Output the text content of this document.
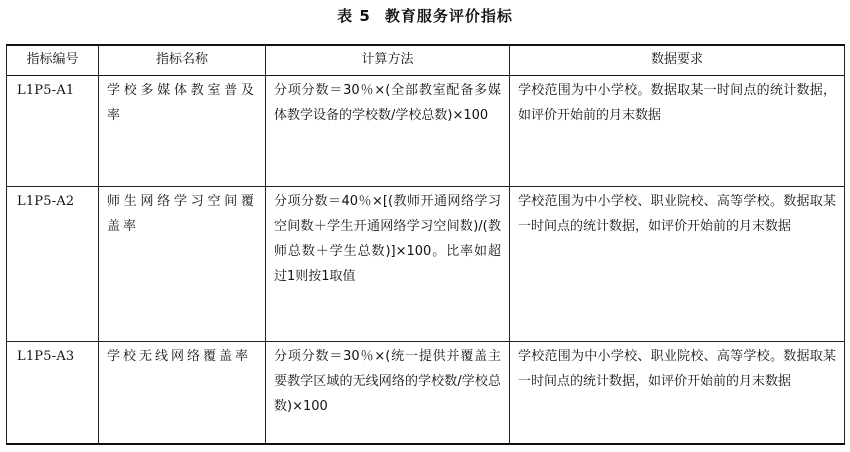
表 5 教育服务评价指标
指标编号	指标名称	计算方法	数据要求
L1P5-A1	学校多媒体教室普及率	分项分数＝30％×(全部教室配备多媒体教学设备的学校数/学校总数)×100	学校范围为中小学校。数据取某一时间点的统计数据，如评价开始前的月末数据
L1P5-A2	师生网络学习空间覆盖率	分项分数＝40％×[(教师开通网络学习空间数＋学生开通网络学习空间数)/(教师总数＋学生总数)]×100。比率如超过1则按1取值	学校范围为中小学校、职业院校、高等学校。数据取某一时间点的统计数据，如评价开始前的月末数据
L1P5-A3	学校无线网络覆盖率	分项分数＝30％×(统一提供并覆盖主要教学区域的无线网络的学校数/学校总数)×100	学校范围为中小学校、职业院校、高等学校。数据取某一时间点的统计数据，如评价开始前的月末数据
